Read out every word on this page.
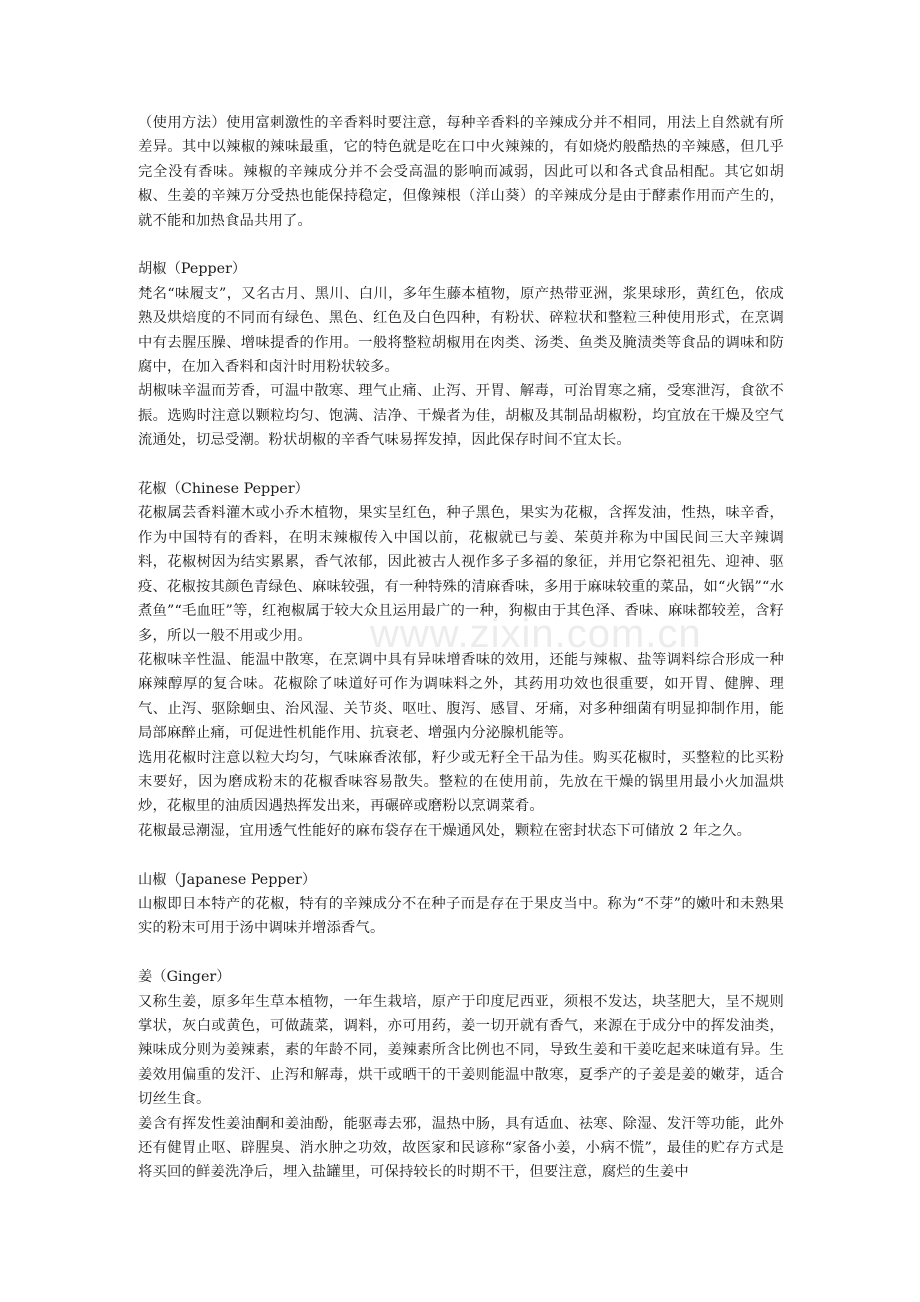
www.zixin.com.cn

（使用方法）使用富刺激性的辛香料时要注意，每种辛香料的辛辣成分并不相同，用法上自然就有所差异。其中以辣椒的辣味最重，它的特色就是吃在口中火辣辣的，有如烧灼般酷热的辛辣感，但几乎完全没有香味。辣椒的辛辣成分并不会受高温的影响而减弱，因此可以和各式食品相配。其它如胡椒、生姜的辛辣万分受热也能保持稳定，但像辣根（洋山葵）的辛辣成分是由于酵素作用而产生的，就不能和加热食品共用了。

胡椒（Pepper）

梵名“味履支”，又名古月、黑川、白川，多年生藤本植物，原产热带亚洲，浆果球形，黄红色，依成熟及烘焙度的不同而有绿色、黑色、红色及白色四种，有粉状、碎粒状和整粒三种使用形式，在烹调中有去腥压臊、增味提香的作用。一般将整粒胡椒用在肉类、汤类、鱼类及腌渍类等食品的调味和防腐中，在加入香料和卤汁时用粉状较多。

胡椒味辛温而芳香，可温中散寒、理气止痛、止泻、开胃、解毒，可治胃寒之痛，受寒泄泻，食欲不振。选购时注意以颗粒均匀、饱满、洁净、干燥者为佳，胡椒及其制品胡椒粉，均宜放在干燥及空气流通处，切忌受潮。粉状胡椒的辛香气味易挥发掉，因此保存时间不宜太长。

花椒（Chinese Pepper）

花椒属芸香料灌木或小乔木植物，果实呈红色，种子黑色，果实为花椒，含挥发油，性热，味辛香，作为中国特有的香料，在明末辣椒传入中国以前，花椒就已与姜、茱萸并称为中国民间三大辛辣调料，花椒树因为结实累累，香气浓郁，因此被古人视作多子多福的象征，并用它祭祀祖先、迎神、驱疫、花椒按其颜色青绿色、麻味较强，有一种特殊的清麻香味，多用于麻味较重的菜品，如“火锅”“水煮鱼”“毛血旺”等，红袍椒属于较大众且运用最广的一种，狗椒由于其色泽、香味、麻味都较差，含籽多，所以一般不用或少用。

花椒味辛性温、能温中散寒，在烹调中具有异味增香味的效用，还能与辣椒、盐等调料综合形成一种麻辣醇厚的复合味。花椒除了味道好可作为调味料之外，其药用功效也很重要，如开胃、健脾、理气、止泻、驱除蛔虫、治风湿、关节炎、呕吐、腹泻、感冒、牙痛，对多种细菌有明显抑制作用，能局部麻醉止痛，可促进性机能作用、抗衰老、增强内分泌腺机能等。

选用花椒时注意以粒大均匀，气味麻香浓郁，籽少或无籽全干品为佳。购买花椒时，买整粒的比买粉末要好，因为磨成粉末的花椒香味容易散失。整粒的在使用前，先放在干燥的锅里用最小火加温烘炒，花椒里的油质因遇热挥发出来，再碾碎或磨粉以烹调菜肴。

花椒最忌潮湿，宜用透气性能好的麻布袋存在干燥通风处，颗粒在密封状态下可储放 2 年之久。

山椒（Japanese Pepper）

山椒即日本特产的花椒，特有的辛辣成分不在种子而是存在于果皮当中。称为“不芽”的嫩叶和未熟果实的粉末可用于汤中调味并增添香气。

姜（Ginger）

又称生姜，原多年生草本植物，一年生栽培，原产于印度尼西亚，须根不发达，块茎肥大，呈不规则掌状，灰白或黄色，可做蔬菜，调料，亦可用药，姜一切开就有香气，来源在于成分中的挥发油类，辣味成分则为姜辣素，素的年龄不同，姜辣素所含比例也不同，导致生姜和干姜吃起来味道有异。生姜效用偏重的发汗、止泻和解毒，烘干或晒干的干姜则能温中散寒，夏季产的子姜是姜的嫩芽，适合切丝生食。

姜含有挥发性姜油酮和姜油酚，能驱毒去邪，温热中肠，具有适血、祛寒、除湿、发汗等功能，此外还有健胃止呕、辟腥臭、消水肿之功效，故医家和民谚称“家备小姜，小病不慌”，最佳的贮存方式是将买回的鲜姜洗净后，埋入盐罐里，可保持较长的时期不干，但要注意，腐烂的生姜中
